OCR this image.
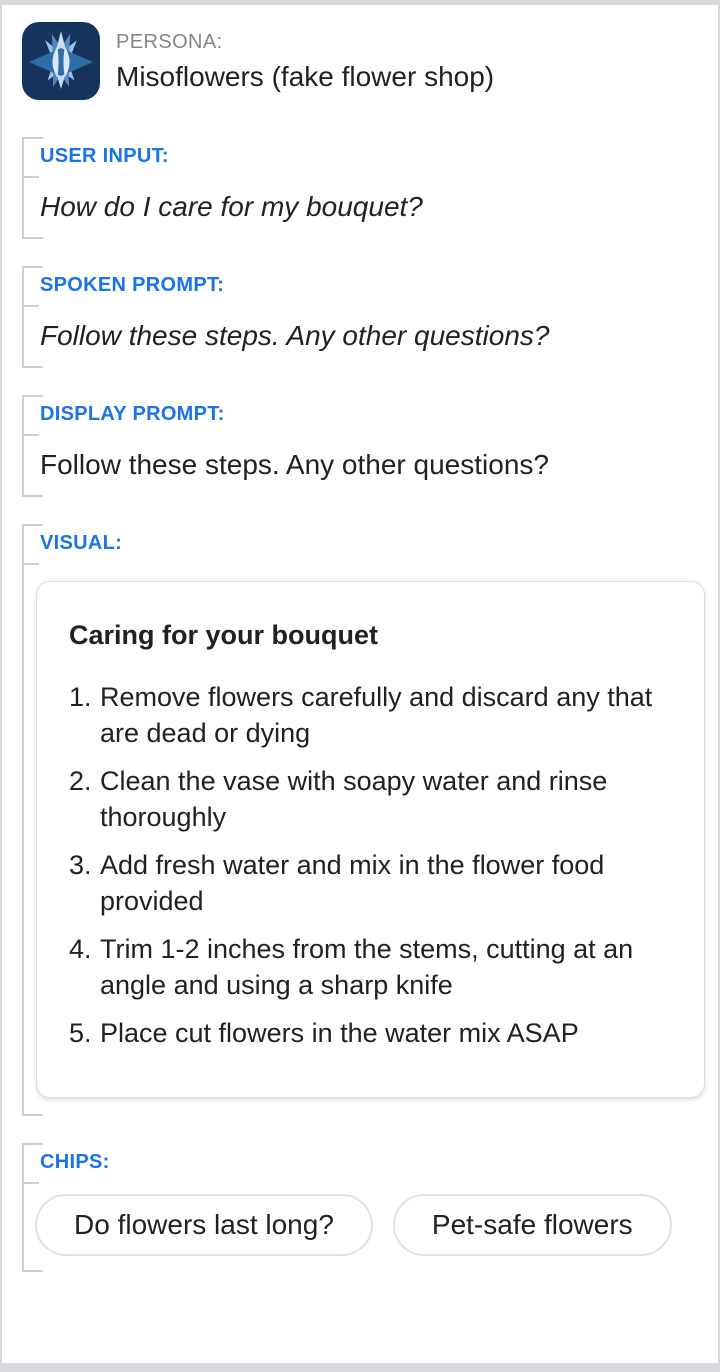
PERSONA:
Misoflowers (fake flower shop)
USER INPUT:

How do I care for my bouquet?

SPOKEN PROMPT:

Follow these steps. Any other questions?

DISPLAY PROMPT:

Follow these steps. Any other questions?

VISUAL:
Caring for your bouquet
Remove flowers carefully and discard any that are dead or dying
Clean the vase with soapy water and rinse thoroughly
Add fresh water and mix in the flower food provided
Trim 1-2 inches from the stems, cutting at an angle and using a sharp knife
Place cut flowers in the water mix ASAP
CHIPS:
Do flowers last long?	Pet-safe flowers
